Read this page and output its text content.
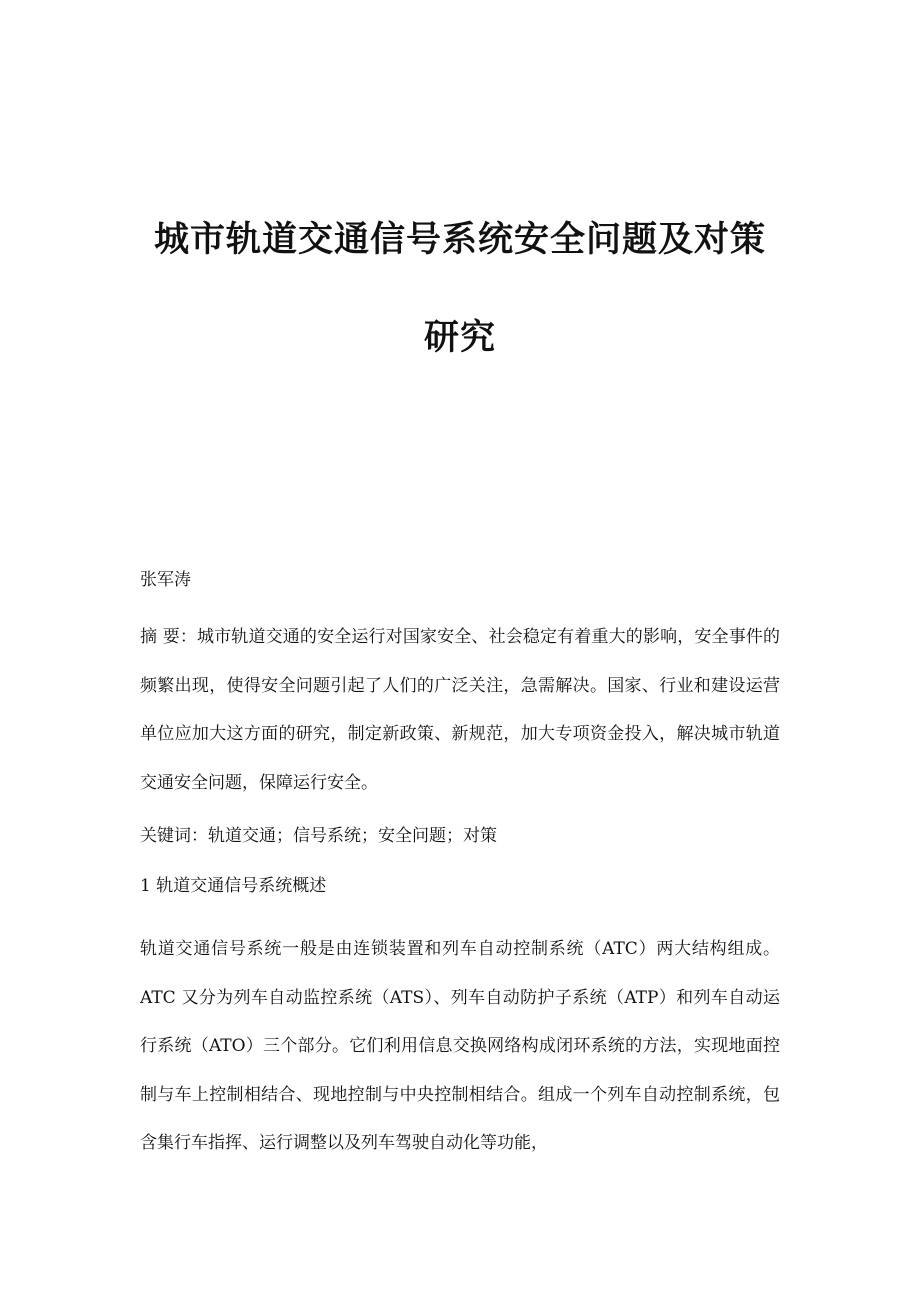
城市轨道交通信号系统安全问题及对策
研究

张军涛

摘 要：城市轨道交通的安全运行对国家安全、社会稳定有着重大的影响，安全事件的频繁出现，使得安全问题引起了人们的广泛关注，急需解决。国家、行业和建设运营单位应加大这方面的研究，制定新政策、新规范，加大专项资金投入，解决城市轨道交通安全问题，保障运行安全。

关键词：轨道交通；信号系统；安全问题；对策

1 轨道交通信号系统概述

轨道交通信号系统一般是由连锁装置和列车自动控制系统（ATC）两大结构组成。ATC 又分为列车自动监控系统（ATS）、列车自动防护子系统（ATP）和列车自动运行系统（ATO）三个部分。它们利用信息交换网络构成闭环系统的方法，实现地面控制与车上控制相结合、现地控制与中央控制相结合。组成一个列车自动控制系统，包含集行车指挥、运行调整以及列车驾驶自动化等功能，
